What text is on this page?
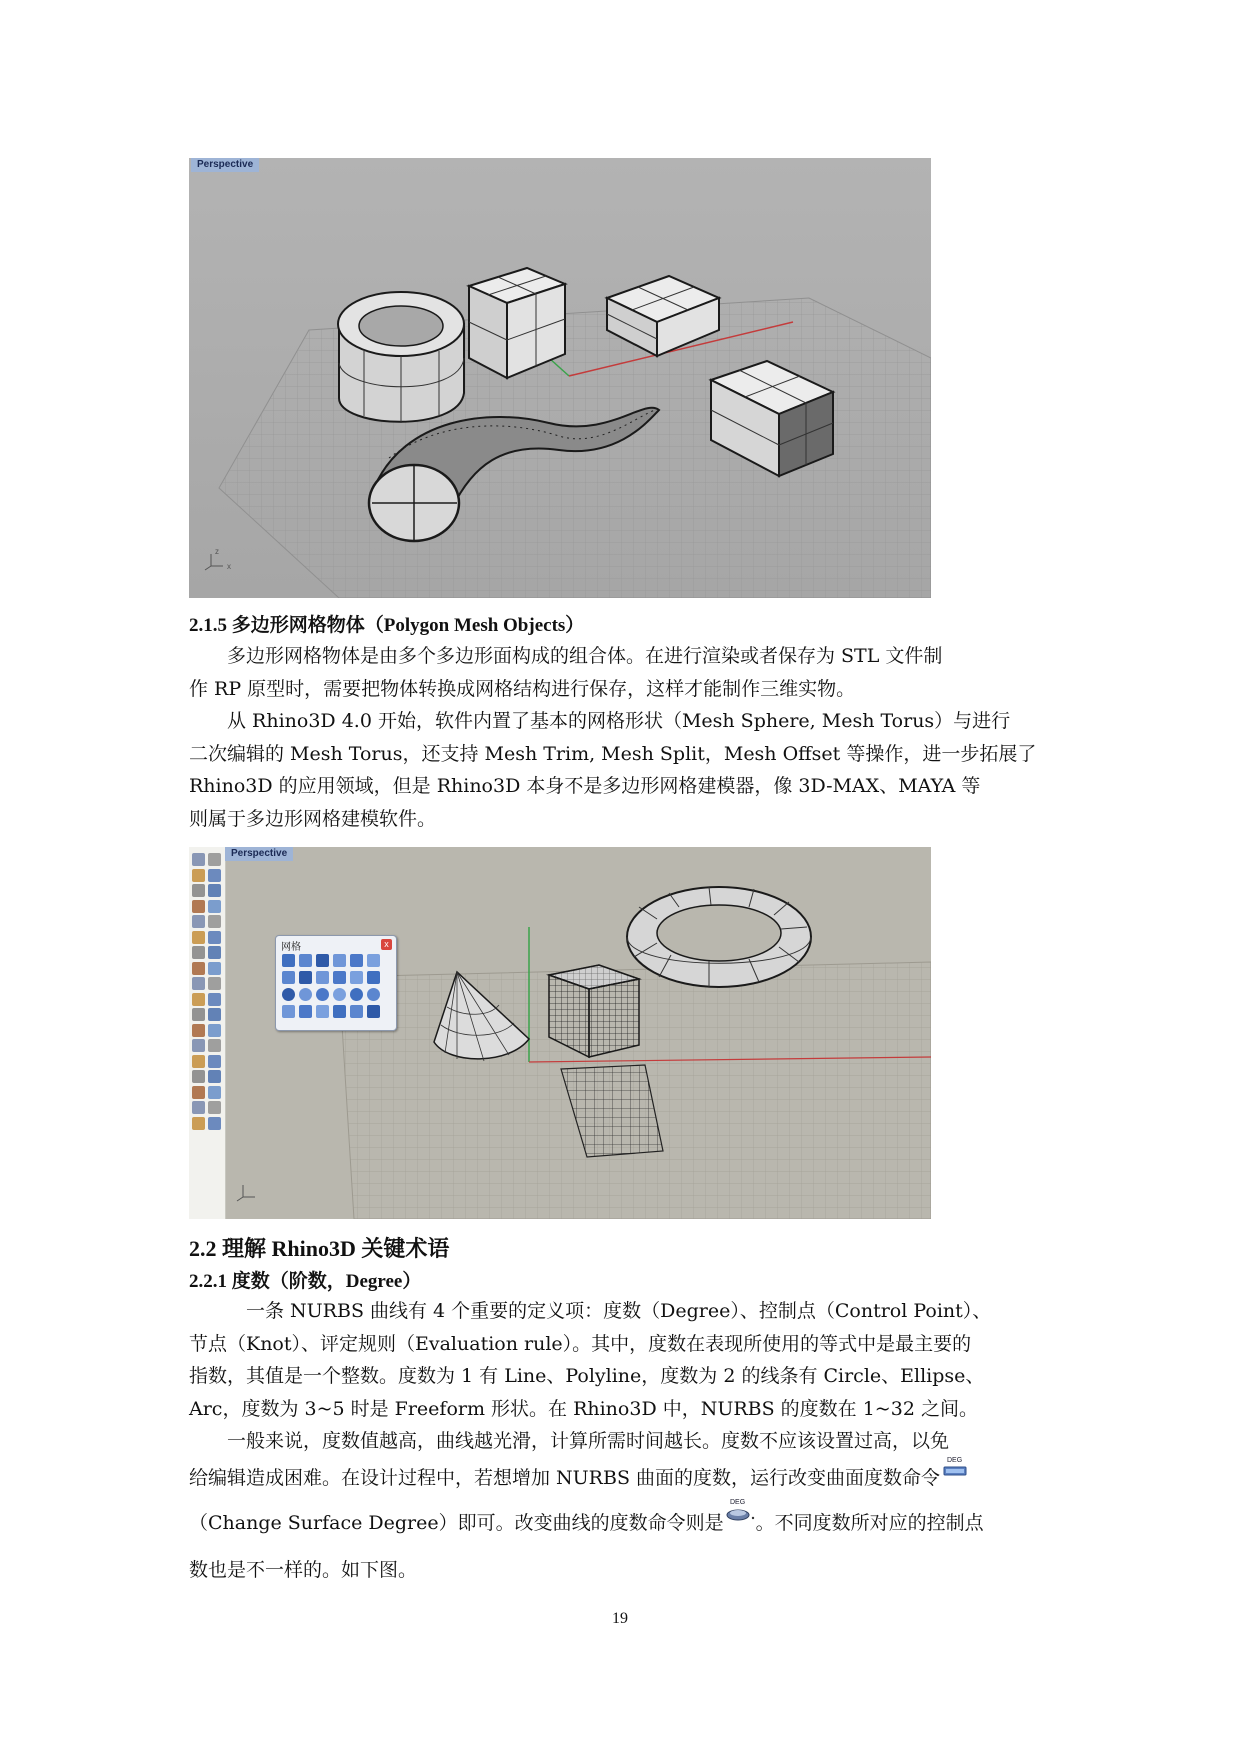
z
x
Perspective
2.1.5 多边形网格物体（Polygon Mesh Objects）
多边形网格物体是由多个多边形面构成的组合体。在进行渲染或者保存为 STL 文件制
作 RP 原型时，需要把物体转换成网格结构进行保存，这样才能制作三维实物。
从 Rhino3D 4.0 开始，软件内置了基本的网格形状（Mesh Sphere, Mesh Torus）与进行
二次编辑的 Mesh Torus，还支持 Mesh Trim, Mesh Split，Mesh Offset 等操作，进一步拓展了
Rhino3D 的应用领域，但是 Rhino3D 本身不是多边形网格建模器，像 3D-MAX、MAYA 等
则属于多边形网格建模软件。
Perspective
网格	x
2.2 理解 Rhino3D 关键术语
2.2.1 度数（阶数，Degree）
一条 NURBS 曲线有 4 个重要的定义项：度数（Degree）、控制点（Control Point）、
节点（Knot）、评定规则（Evaluation rule）。其中，度数在表现所使用的等式中是最主要的
指数，其值是一个整数。度数为 1 有 Line、Polyline，度数为 2 的线条有 Circle、Ellipse、
Arc，度数为 3~5 时是 Freeform 形状。在 Rhino3D 中，NURBS 的度数在 1~32 之间。
一般来说，度数值越高，曲线越光滑，计算所需时间越长。度数不应该设置过高，以免
给编辑造成困难。在设计过程中，若想增加 NURBS 曲面的度数，运行改变曲面度数命令
DEG
（Change Surface Degree）即可。改变曲线的度数命令则是
DEG
。不同度数所对应的控制点
数也是不一样的。如下图。
19
